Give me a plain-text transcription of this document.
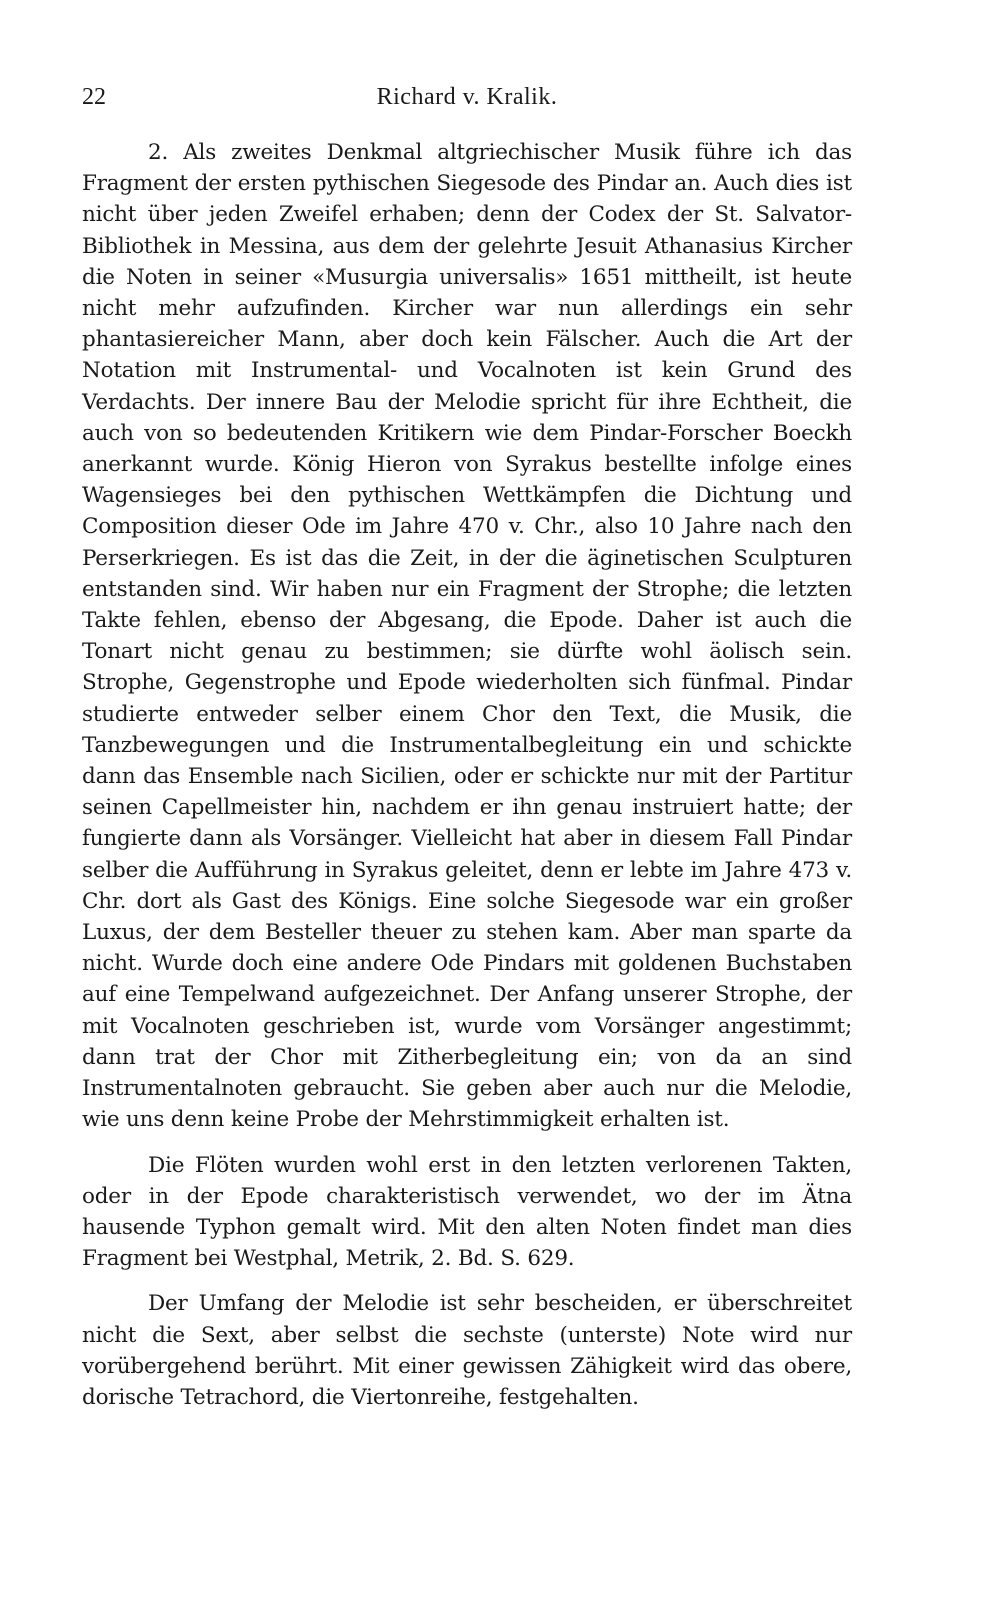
22	Richard v. Kralik.

2. Als zweites Denkmal altgriechischer Musik führe ich das Fragment der ersten pythischen Siegesode des Pindar an. Auch dies ist nicht über jeden Zweifel erhaben; denn der Codex der St. Salvator-Bibliothek in Messina, aus dem der gelehrte Jesuit Athanasius Kircher die Noten in seiner «Musurgia universalis» 1651 mittheilt, ist heute nicht mehr aufzufinden. Kircher war nun allerdings ein sehr phantasiereicher Mann, aber doch kein Fälscher. Auch die Art der Notation mit Instrumental- und Vocalnoten ist kein Grund des Verdachts. Der innere Bau der Melodie spricht für ihre Echtheit, die auch von so bedeutenden Kritikern wie dem Pindar-Forscher Boeckh anerkannt wurde. König Hieron von Syrakus bestellte infolge eines Wagensieges bei den pythischen Wettkämpfen die Dichtung und Composition dieser Ode im Jahre 470 v. Chr., also 10 Jahre nach den Perserkriegen. Es ist das die Zeit, in der die äginetischen Sculpturen entstanden sind. Wir haben nur ein Fragment der Strophe; die letzten Takte fehlen, ebenso der Abgesang, die Epode. Daher ist auch die Tonart nicht genau zu bestimmen; sie dürfte wohl äolisch sein. Strophe, Gegenstrophe und Epode wiederholten sich fünfmal. Pindar studierte entweder selber einem Chor den Text, die Musik, die Tanzbewegungen und die Instrumentalbegleitung ein und schickte dann das Ensemble nach Sicilien, oder er schickte nur mit der Partitur seinen Capellmeister hin, nachdem er ihn genau instruiert hatte; der fungierte dann als Vorsänger. Vielleicht hat aber in diesem Fall Pindar selber die Aufführung in Syrakus geleitet, denn er lebte im Jahre 473 v. Chr. dort als Gast des Königs. Eine solche Siegesode war ein großer Luxus, der dem Besteller theuer zu stehen kam. Aber man sparte da nicht. Wurde doch eine andere Ode Pindars mit goldenen Buchstaben auf eine Tempelwand aufgezeichnet. Der Anfang unserer Strophe, der mit Vocalnoten geschrieben ist, wurde vom Vorsänger angestimmt; dann trat der Chor mit Zitherbegleitung ein; von da an sind Instrumentalnoten gebraucht. Sie geben aber auch nur die Melodie, wie uns denn keine Probe der Mehrstimmigkeit erhalten ist.

Die Flöten wurden wohl erst in den letzten verlorenen Takten, oder in der Epode charakteristisch verwendet, wo der im Ätna hausende Typhon gemalt wird. Mit den alten Noten findet man dies Fragment bei Westphal, Metrik, 2. Bd. S. 629.

Der Umfang der Melodie ist sehr bescheiden, er überschreitet nicht die Sext, aber selbst die sechste (unterste) Note wird nur vorübergehend berührt. Mit einer gewissen Zähigkeit wird das obere, dorische Tetrachord, die Viertonreihe, festgehalten.
